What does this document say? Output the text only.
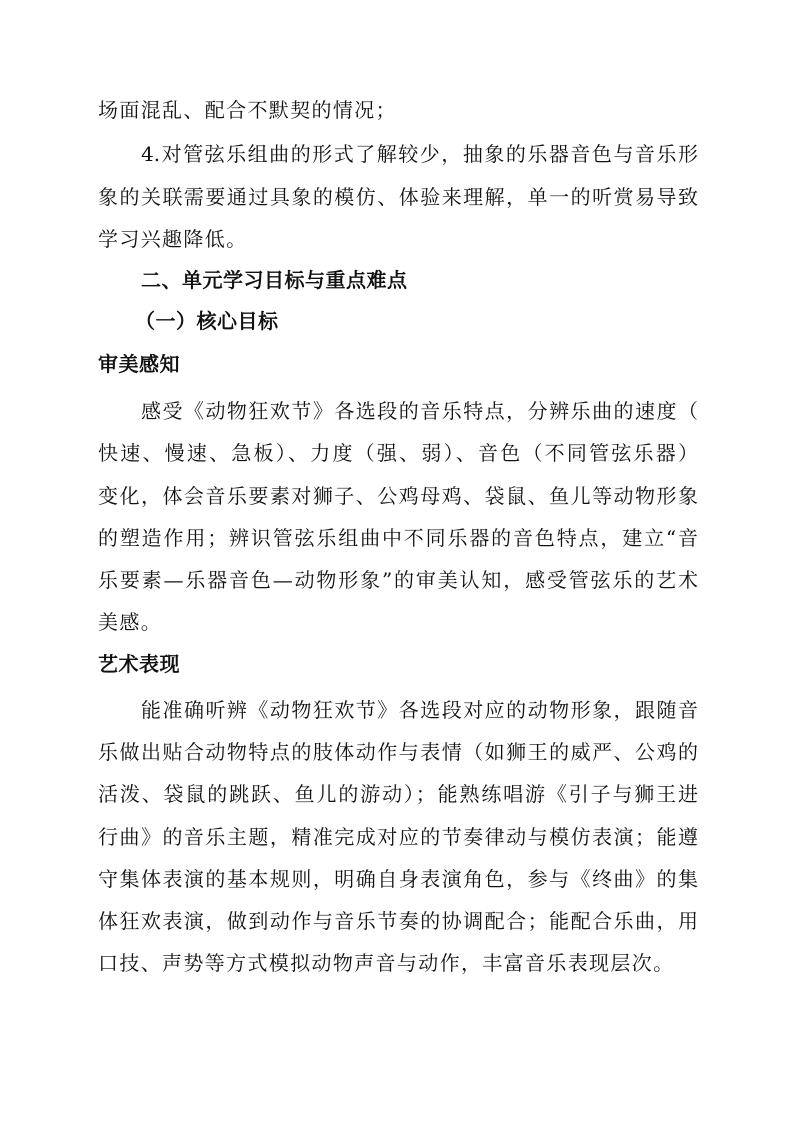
场面混乱、配合不默契的情况；
4.对管弦乐组曲的形式了解较少，抽象的乐器音色与音乐形
象的关联需要通过具象的模仿、体验来理解，单一的听赏易导致
学习兴趣降低。
二、单元学习目标与重点难点
（一）核心目标
审美感知
感受《动物狂欢节》各选段的音乐特点，分辨乐曲的速度（
快速、慢速、急板）、力度（强、弱）、音色（不同管弦乐器）
变化，体会音乐要素对狮子、公鸡母鸡、袋鼠、鱼儿等动物形象
的塑造作用；辨识管弦乐组曲中不同乐器的音色特点，建立“音
乐要素—乐器音色—动物形象”的审美认知，感受管弦乐的艺术
美感。
艺术表现
能准确听辨《动物狂欢节》各选段对应的动物形象，跟随音
乐做出贴合动物特点的肢体动作与表情（如狮王的威严、公鸡的
活泼、袋鼠的跳跃、鱼儿的游动）；能熟练唱游《引子与狮王进
行曲》的音乐主题，精准完成对应的节奏律动与模仿表演；能遵
守集体表演的基本规则，明确自身表演角色，参与《终曲》的集
体狂欢表演，做到动作与音乐节奏的协调配合；能配合乐曲，用
口技、声势等方式模拟动物声音与动作，丰富音乐表现层次。
